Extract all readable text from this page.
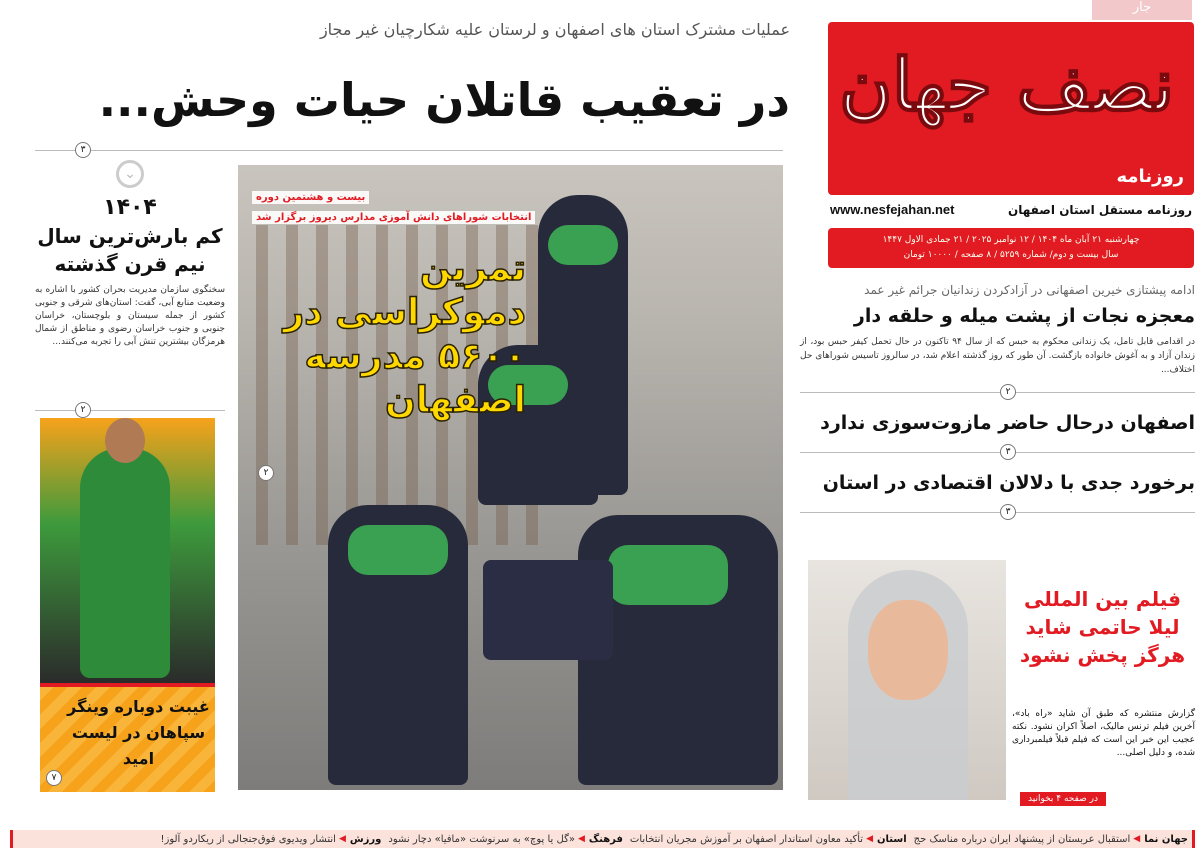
جار
نصف جهان
روزنامه
روزنامه مستقل استان اصفهان
www.nesfejahan.net
چهارشنبه ۲۱ آبان ماه ۱۴۰۴ / ۱۲ نوامبر ۲۰۲۵ / ۲۱ جمادی الاول ۱۴۴۷
سال بیست و دوم/ شماره ۵۲۵۹ / ۸ صفحه / ۱۰۰۰۰ تومان
عملیات مشترک استان های اصفهان و لرستان علیه شکارچیان غیر مجاز
در تعقیب قاتلان حیات وحش...
۳
⌄
۱۴۰۴
کم بارش‌ترین سال نیم قرن گذشته

سخنگوی سازمان مدیریت بحران کشور با اشاره به وضعیت منابع آبی، گفت: استان‌های شرقی و جنوبی کشور از جمله سیستان و بلوچستان، خراسان جنوبی و جنوب خراسان رضوی و مناطق از شمال هرمزگان بیشترین تنش آبی را تجربه می‌کنند...

۲
غیبت دوباره وینگر سپاهان در لیست امید
۷
بیست و هشتمین دوره
انتخابات شوراهای دانش آموزی مدارس دیروز برگزار شد
تمرین دموکراسی در ۵۶۰۰ مدرسه اصفهان
۲
ادامه پیشتازی خیرین اصفهانی در آزادکردن زندانیان جرائم غیر عمد
معجزه نجات از پشت میله و حلقه دار
در اقدامی قابل تامل، یک زندانی محکوم به حبس که از سال ۹۴ تاکنون در حال تحمل کیفر حبس بود، از زندان آزاد و به آغوش خانواده بازگشت. آن طور که روز گذشته اعلام شد، در سالروز تاسیس شوراهای حل اختلاف...
۲
اصفهان درحال حاضر مازوت‌سوزی ندارد
۳
برخورد جدی با دلالان اقتصادی در استان
۳
فیلم بین المللی لیلا حاتمی شاید هرگز پخش نشود
گزارش منتشره که طبق آن شاید «راه باد»، آخرین فیلم ترنس مالیک، اصلاً اکران نشود. نکته عجیب این خبر این است که فیلم قبلاً فیلمبرداری شده، و دلیل اصلی...
در صفحه ۴ بخوانید
جهان نما
◀
استقبال عربستان از پیشنهاد ایران درباره مناسک حج
استان
◀
تأکید معاون استاندار اصفهان بر آموزش مجریان انتخابات
فرهنگ
◀
«گل یا پوچ» به سرنوشت «مافیا» دچار نشود
ورزش
◀
انتشار ویدیوی فوق‌جنجالی از ریکاردو آلوز!
